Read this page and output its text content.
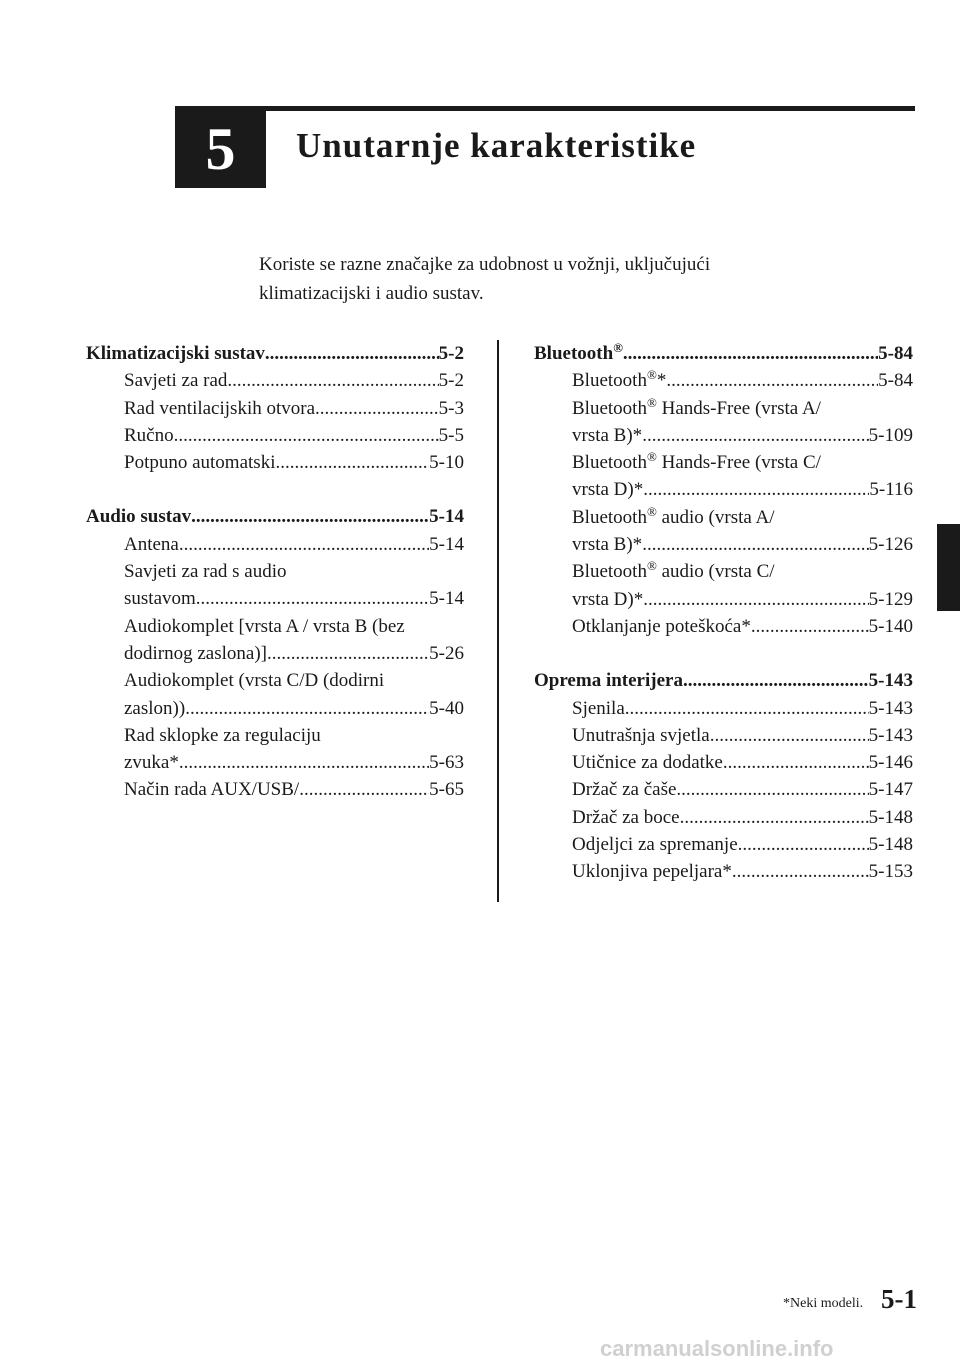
5 Unutarnje karakteristike
Koriste se razne značajke za udobnost u vožnji, uključujući
klimatizacijski i audio sustav.
Klimatizacijski sustav .....	5-2
Savjeti za rad .....	5-2
Rad ventilacijskih otvora .....	5-3
Ručno .....	5-5
Potpuno automatski .....	5-10
Audio sustav .....	5-14
Antena .....	5-14
Savjeti za rad s audio
sustavom .....	5-14
Audiokomplet [vrsta A / vrsta B (bez
dodirnog zaslona)] .....	5-26
Audiokomplet (vrsta C/D (dodirni
zaslon)) .....	5-40
Rad sklopke za regulaciju
zvuka* .....	5-63
Način rada AUX/USB/ .....	5-65
Bluetooth® .....	5-84
Bluetooth®* .....	5-84
Bluetooth® Hands-Free (vrsta A/
vrsta B)* .....	5-109
Bluetooth® Hands-Free (vrsta C/
vrsta D)* .....	5-116
Bluetooth® audio (vrsta A/
vrsta B)* .....	5-126
Bluetooth® audio (vrsta C/
vrsta D)* .....	5-129
Otklanjanje poteškoća* .....	5-140
Oprema interijera .....	5-143
Sjenila .....	5-143
Unutrašnja svjetla .....	5-143
Utičnice za dodatke .....	5-146
Držač za čaše .....	5-147
Držač za boce .....	5-148
Odjeljci za spremanje .....	5-148
Uklonjiva pepeljara* .....	5-153
*Neki modeli. 5-1
carmanualsonline.info
